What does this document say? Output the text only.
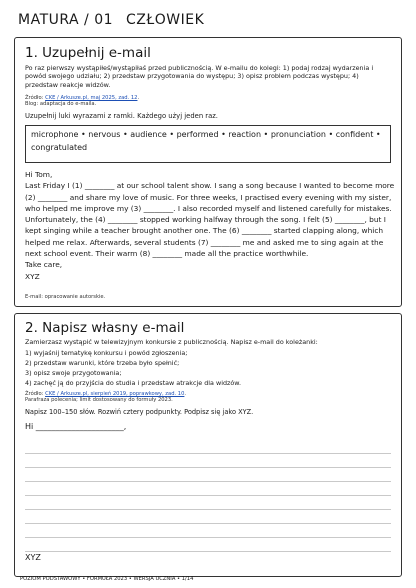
MATURA / 01 CZŁOWIEK
1. Uzupełnij e-mail
Po raz pierwszy wystąpiłeś/wystąpiłaś przed publicznością. W e-mailu do kolegi: 1) podaj rodzaj wydarzenia i powód swojego udziału; 2) przedstaw przygotowania do występu; 3) opisz problem podczas występu; 4) przedstaw reakcje widzów.
Źródło: CKE / Arkusze.pl, maj 2025, zad. 12.
Blog: adaptacja do e-maila.
Uzupełnij luki wyrazami z ramki. Każdego użyj jeden raz.
microphone • nervous • audience • performed • reaction • pronunciation • confident • congratulated
Hi Tom,
Last Friday I (1) ________ at our school talent show. I sang a song because I wanted to become more (2) ________ and share my love of music. For three weeks, I practised every evening with my sister, who helped me improve my (3) ________. I also recorded myself and listened carefully for mistakes.
Unfortunately, the (4) ________ stopped working halfway through the song. I felt (5) ________, but I kept singing while a teacher brought another one. The (6) ________ started clapping along, which helped me relax. Afterwards, several students (7) ________ me and asked me to sing again at the next school event. Their warm (8) ________ made all the practice worthwhile.
Take care,
XYZ
E-mail: opracowanie autorskie.
2. Napisz własny e-mail
Zamierzasz wystąpić w telewizyjnym konkursie z publicznością. Napisz e-mail do koleżanki:
1) wyjaśnij tematykę konkursu i powód zgłoszenia;
2) przedstaw warunki, które trzeba było spełnić;
3) opisz swoje przygotowania;
4) zachęć ją do przyjścia do studia i przedstaw atrakcje dla widzów.
Źródło: CKE / Arkusze.pl, sierpień 2019, poprawkowy, zad. 10.
Parafraza polecenia; limit dostosowany do formuły 2023.
Napisz 100–150 słów. Rozwiń cztery podpunkty. Podpisz się jako XYZ.
Hi ______________________,
XYZ
POZIOM PODSTAWOWY • FORMUŁA 2023 • WERSJA UCZNIA • 1/14
